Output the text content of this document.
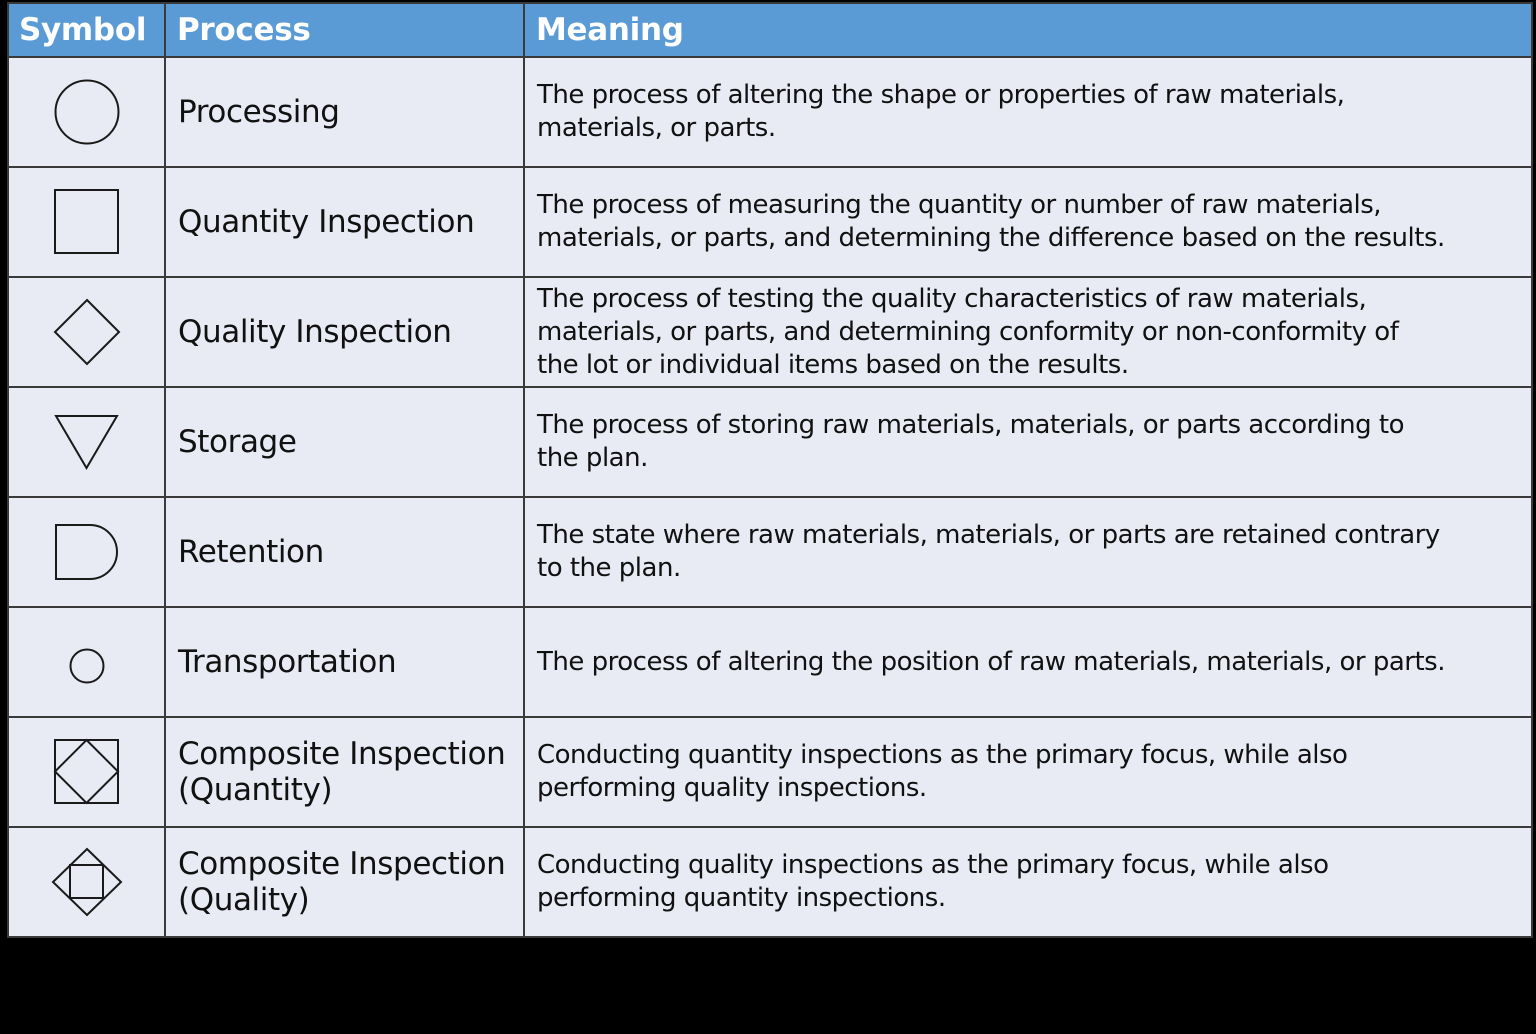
Symbol	Process	Meaning

Processing	The process of altering the shape or properties of raw materials,
materials, or parts.

Quantity Inspection	The process of measuring the quantity or number of raw materials,
materials, or parts, and determining the difference based on the results.

Quality Inspection	The process of testing the quality characteristics of raw materials,
materials, or parts, and determining conformity or non-conformity of
the lot or individual items based on the results.

Storage	The process of storing raw materials, materials, or parts according to
the plan.

Retention	The state where raw materials, materials, or parts are retained contrary
to the plan.

Transportation	The process of altering the position of raw materials, materials, or parts.

Composite Inspection
(Quantity)	Conducting quantity inspections as the primary focus, while also
performing quality inspections.

Composite Inspection
(Quality)	Conducting quality inspections as the primary focus, while also
performing quantity inspections.
